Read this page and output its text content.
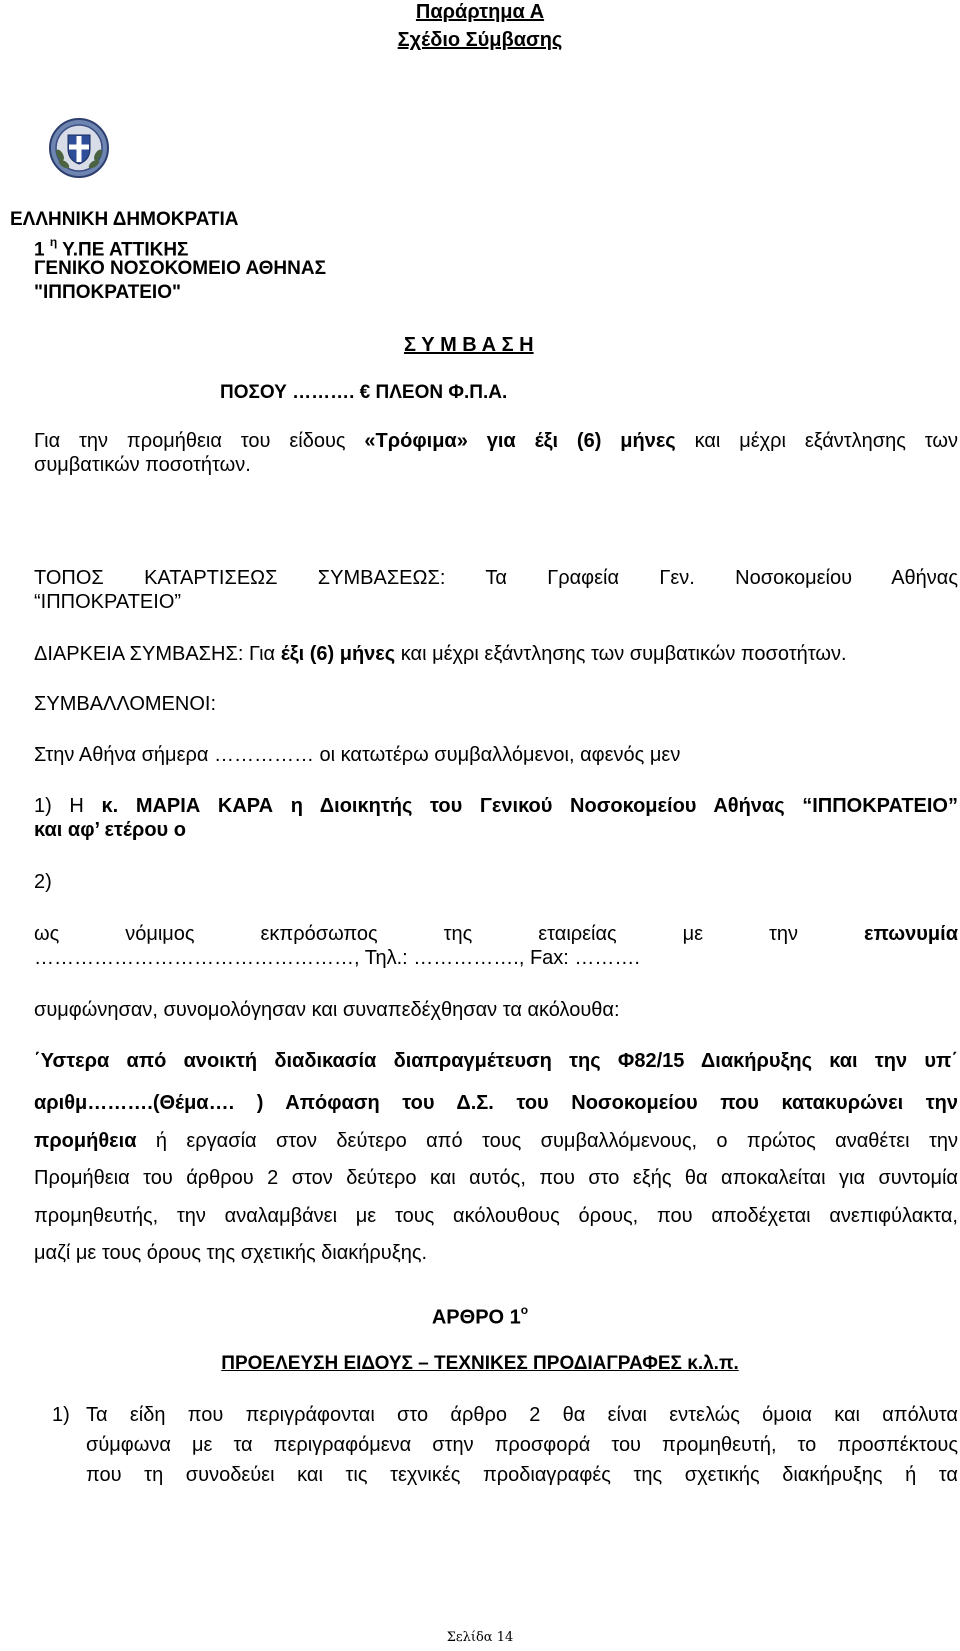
Παράρτημα Α
Σχέδιο Σύμβασης
ΕΛΛΗΝΙΚΗ ΔΗΜΟΚΡΑΤΙΑ
1 $^\eta$ Υ.ΠΕ ΑΤΤΙΚΗΣ
ΓΕΝΙΚΟ ΝΟΣΟΚΟΜΕΙΟ ΑΘΗΝΑΣ
"ΙΠΠΟΚΡΑΤΕΙΟ"
Σ Υ Μ Β Α Σ Η
ΠΟΣΟΥ ………. € ΠΛΕΟΝ Φ.Π.Α.
Για την προμήθεια του είδους «Τρόφιμα» για έξι (6) μήνες και μέχρι εξάντλησης των
συμβατικών ποσοτήτων.
ΤΟΠΟΣ ΚΑΤΑΡΤΙΣΕΩΣ ΣΥΜΒΑΣΕΩΣ: Τα Γραφεία Γεν. Νοσοκομείου Αθήνας
“ΙΠΠΟΚΡΑΤΕΙΟ”
ΔΙΑΡΚΕΙΑ ΣΥΜΒΑΣΗΣ: Για έξι (6) μήνες και μέχρι εξάντλησης των συμβατικών ποσοτήτων.
ΣΥΜΒΑΛΛΟΜΕΝΟΙ:
Στην Αθήνα σήμερα …………… οι κατωτέρω συμβαλλόμενοι, αφενός μεν
1) Η κ. ΜΑΡΙΑ ΚΑΡΑ η Διοικητής του Γενικού Νοσοκομείου Αθήνας “ΙΠΠΟΚΡΑΤΕΙΟ”
και αφ’ ετέρου ο
2)
ως νόμιμος εκπρόσωπος της εταιρείας με την	επωνυμία
…………………………………………, Τηλ.: ……………., Fax: ……….
συμφώνησαν, συνομολόγησαν και συναπεδέχθησαν τα ακόλουθα:
΄Υστερα από ανοικτή διαδικασία διαπραγμέτευση της Φ82/15 Διακήρυξης και την υπ΄
αριθμ……….(Θέμα…. ) Απόφαση του Δ.Σ. του Νοσοκομείου που κατακυρώνει την
προμήθεια ή εργασία στον δεύτερο από τους συμβαλλόμενους, ο πρώτος αναθέτει την
Προμήθεια του άρθρου 2 στον δεύτερο και αυτός, που στο εξής θα αποκαλείται για συντομία
προμηθευτής, την αναλαμβάνει με τους ακόλουθους όρους, που αποδέχεται ανεπιφύλακτα,
μαζί με τους όρους της σχετικής διακήρυξης.
ΑΡΘΡΟ $1^o$
ΠΡΟΕΛΕΥΣΗ ΕΙΔΟΥΣ – ΤΕΧΝΙΚΕΣ ΠΡΟΔΙΑΓΡΑΦΕΣ κ.λ.π.
1) Τα είδη που περιγράφονται στο άρθρο 2 θα είναι εντελώς όμοια και απόλυτα
σύμφωνα με τα περιγραφόμενα στην προσφορά του προμηθευτή, το προσπέκτους
που τη συνοδεύει και τις τεχνικές προδιαγραφές της σχετικής διακήρυξης ή τα
Σελίδα 14
